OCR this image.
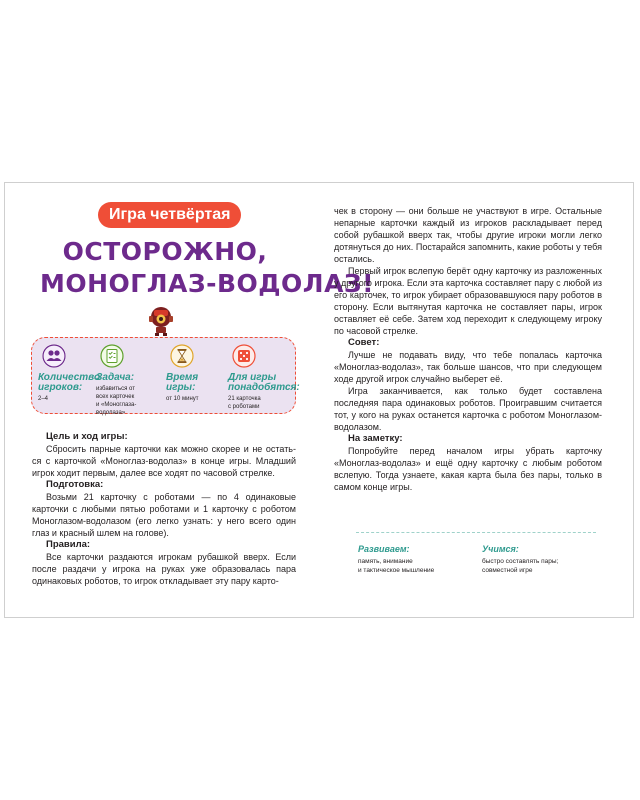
Игра четвёртая
ОСТОРОЖНО,
МОНОГЛАЗ-ВОДОЛАЗ!
Количество
игроков:
2–4
Задача:
избавиться от
всех карточек
и «Моноглаза-
водолаза»
Время
игры:
от 10 минут
Для игры
понадобятся:
21 карточка
с роботами
Цель и ход игры:

Сбросить парные карточки как можно скорее и не остать-ся с карточкой «Моноглаз-водолаз» в конце игры. Младший игрок ходит первым, далее все ходят по часовой стрелке.

Подготовка:

Возьми 21 карточку с роботами — по 4 одинаковые карточки с любыми пятью роботами и 1 карточку с роботом Моноглазом-водолазом (его легко узнать: у него всего один глаз и красный шлем на голове).

Правила:

Все карточки раздаются игрокам рубашкой вверх. Если после раздачи у игрока на руках уже образовалась пара одинаковых роботов, то игрок откладывает эту пару карто-

чек в сторону — они больше не участвуют в игре. Остальные непарные карточки каждый из игроков раскладывает перед собой рубашкой вверх так, чтобы другие игроки могли легко дотянуться до них. Постарайся запомнить, какие роботы у тебя остались.

Первый игрок вслепую берёт одну карточку из разложенных у другого игрока. Если эта карточка составляет пару с любой из его карточек, то игрок убирает образовавшуюся пару роботов в сторону. Если вытянутая карточка не составляет пары, игрок оставляет её себе. Затем ход переходит к следующему игроку по часовой стрелке.

Совет:

Лучше не подавать виду, что тебе попалась карточка «Моноглаз-водолаз», так больше шансов, что при следующем ходе другой игрок случайно выберет её.

Игра заканчивается, как только будет составлена последняя пара одинаковых роботов. Проигравшим считается тот, у кого на руках останется карточка с роботом Моноглазом-водолазом.

На заметку:

Попробуйте перед началом игры убрать карточку «Моноглаз-водолаз» и ещё одну карточку с любым роботом вслепую. Тогда узнаете, какая карта была без пары, только в самом конце игры.

Развиваем:
память, внимание
и тактическое мышление
Учимся:
быстро составлять пары;
совместной игре
